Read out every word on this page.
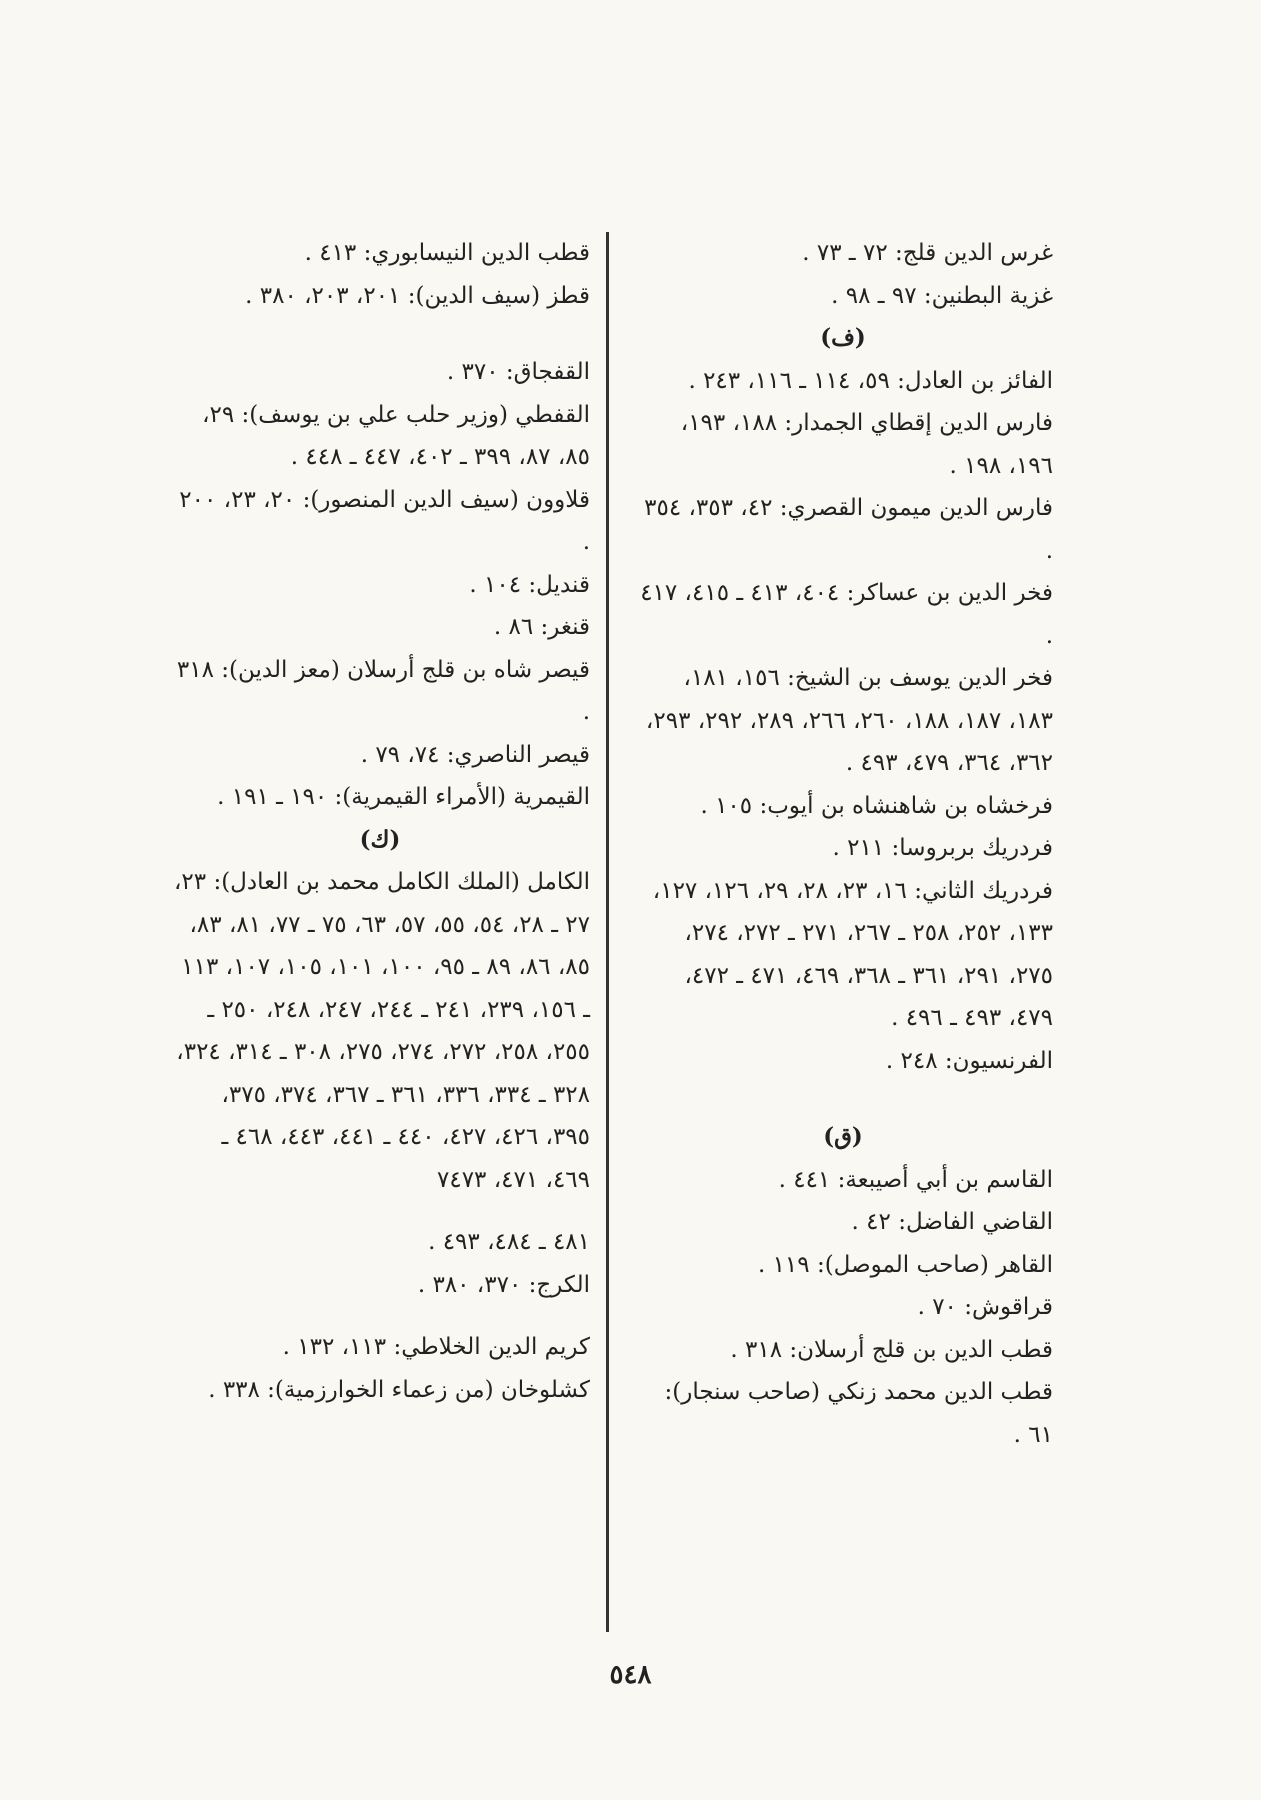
غرس الدين قلج: ٧٢ ـ ٧٣ .

غزية البطنين: ٩٧ ـ ٩٨ .

(ف)

الفائز بن العادل: ٥٩، ١١٤ ـ ١١٦، ٢٤٣ .

فارس الدين إقطاي الجمدار: ١٨٨، ١٩٣، ١٩٦، ١٩٨ .

فارس الدين ميمون القصري: ٤٢، ٣٥٣، ٣٥٤ .

فخر الدين بن عساكر: ٤٠٤، ٤١٣ ـ ٤١٥، ٤١٧ .

فخر الدين يوسف بن الشيخ: ١٥٦، ١٨١، ١٨٣، ١٨٧، ١٨٨، ٢٦٠، ٢٦٦، ٢٨٩، ٢٩٢، ٢٩٣، ٣٦٢، ٣٦٤، ٤٧٩، ٤٩٣ .

فرخشاه بن شاهنشاه بن أيوب: ١٠٥ .

فردريك بربروسا: ٢١١ .

فردريك الثاني: ١٦، ٢٣، ٢٨، ٢٩، ١٢٦، ١٢٧، ١٣٣، ٢٥٢، ٢٥٨ ـ ٢٦٧، ٢٧١ ـ ٢٧٢، ٢٧٤، ٢٧٥، ٢٩١، ٣٦١ ـ ٣٦٨، ٤٦٩، ٤٧١ ـ ٤٧٢، ٤٧٩، ٤٩٣ ـ ٤٩٦ .

الفرنسيون: ٢٤٨ .

(ق)

القاسم بن أبي أصيبعة: ٤٤١ .

القاضي الفاضل: ٤٢ .

القاهر (صاحب الموصل): ١١٩ .

قراقوش: ٧٠ .

قطب الدين بن قلج أرسلان: ٣١٨ .

قطب الدين محمد زنكي (صاحب سنجار): ٦١ .

قطب الدين النيسابوري: ٤١٣ .

قطز (سيف الدين): ٢٠١، ٢٠٣، ٣٨٠ .

القفجاق: ٣٧٠ .

القفطي (وزير حلب علي بن يوسف): ٢٩، ٨٥، ٨٧، ٣٩٩ ـ ٤٠٢، ٤٤٧ ـ ٤٤٨ .

قلاوون (سيف الدين المنصور): ٢٠، ٢٣، ٢٠٠ .

قنديل: ١٠٤ .

قنغر: ٨٦ .

قيصر شاه بن قلج أرسلان (معز الدين): ٣١٨ .

قيصر الناصري: ٧٤، ٧٩ .

القيمرية (الأمراء القيمرية): ١٩٠ ـ ١٩١ .

(ك)

الكامل (الملك الكامل محمد بن العادل): ٢٣، ٢٧ ـ ٢٨، ٥٤، ٥٥، ٥٧، ٦٣، ٧٥ ـ ٧٧، ٨١، ٨٣، ٨٥، ٨٦، ٨٩ ـ ٩٥، ١٠٠، ١٠١، ١٠٥، ١٠٧، ١١٣ ـ ١٥٦، ٢٣٩، ٢٤١ ـ ٢٤٤، ٢٤٧، ٢٤٨، ٢٥٠ ـ ٢٥٥، ٢٥٨، ٢٧٢، ٢٧٤، ٢٧٥، ٣٠٨ ـ ٣١٤، ٣٢٤، ٣٢٨ ـ ٣٣٤، ٣٣٦، ٣٦١ ـ ٣٦٧، ٣٧٤، ٣٧٥، ٣٩٥، ٤٢٦، ٤٢٧، ٤٤٠ ـ ٤٤١، ٤٤٣، ٤٦٨ ـ ٤٦٩، ٤٧١، ٧٤٧٣

٤٨١ ـ ٤٨٤، ٤٩٣ .

الكرج: ٣٧٠، ٣٨٠ .

كريم الدين الخلاطي: ١١٣، ١٣٢ .

كشلوخان (من زعماء الخوارزمية): ٣٣٨ .

٥٤٨
